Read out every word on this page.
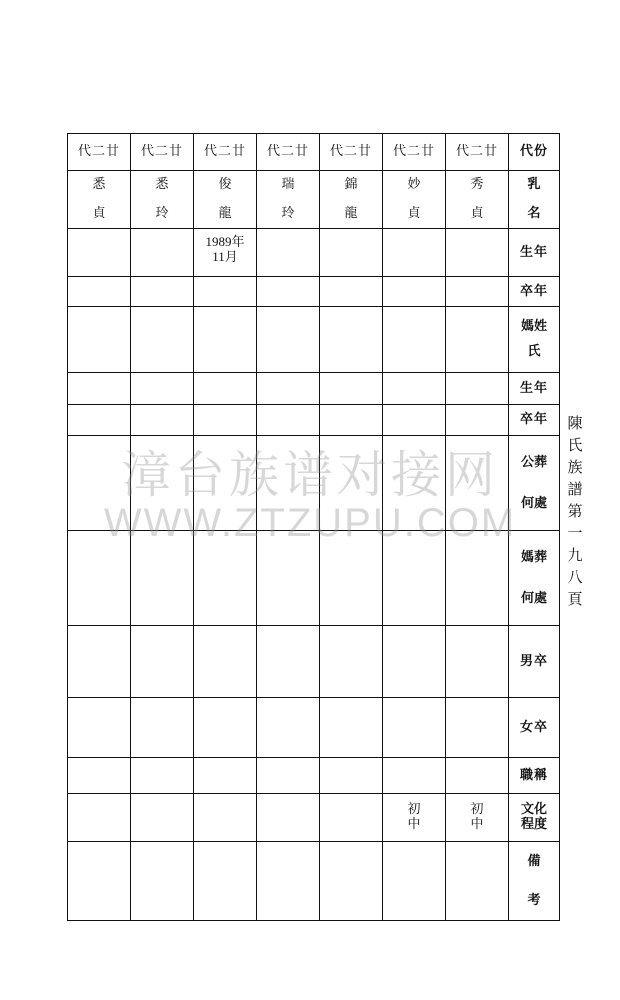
代二廿	代二廿	代二廿	代二廿	代二廿	代二廿	代二廿	代份
悉貞	悉玲	俊龍	瑞玲	錦龍	妙貞	秀貞	乳名
		1989年11月					生年
							卒年
							媽姓氏
							生年
							卒年
							公葬何處
							媽葬何處
							男卒
							女卒
							職稱
					初中	初中	文化程度
							備考
陳氏族譜第一九八頁
漳台族谱对接网
WWW.ZTZUPU.COM
